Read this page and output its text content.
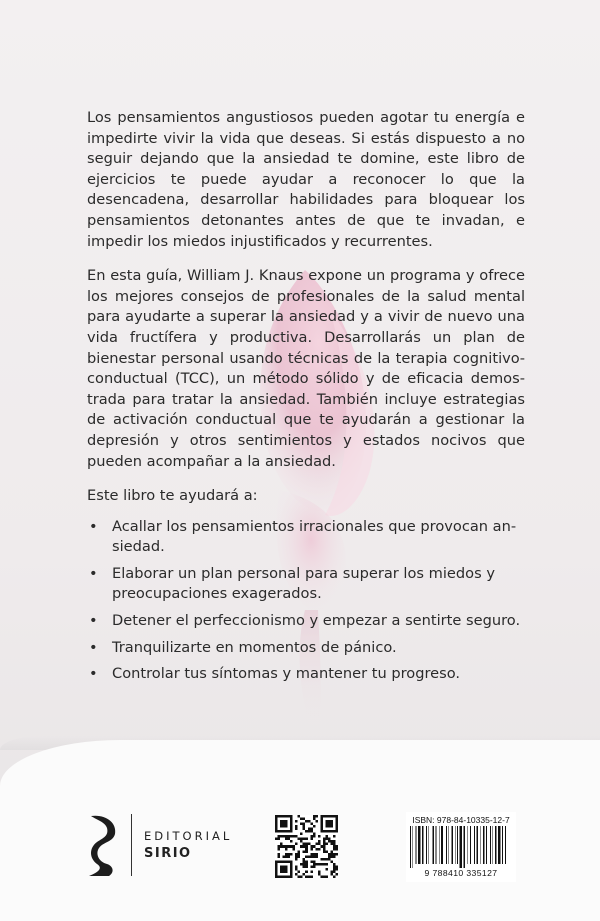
Los pensamientos angustiosos pueden agotar tu energía e impedirte vivir la vida que deseas. Si estás dispuesto a no seguir dejando que la ansiedad te domine, este libro de ejercicios te puede ayudar a reconocer lo que la desencadena, desarrollar habilidades para bloquear los pensamientos detonantes antes de que te invadan, e impedir los miedos injustificados y recurrentes.

En esta guía, William J. Knaus expone un programa y ofrece los mejores consejos de profesionales de la salud mental para ayudarte a superar la ansiedad y a vivir de nuevo una vida fructífera y productiva. Desarrollarás un plan de bienestar personal usando técnicas de la terapia cognitivoconductual (TCC), un método sólido y de eficacia demostrada para tratar la ansiedad. También incluye estrategias de activación conductual que te ayudarán a gestionar la depresión y otros sentimientos y estados nocivos que pueden acompañar a la ansiedad.

Este libro te ayudará a:

• Acallar los pensamientos irracionales que provocan ansiedad.
• Elaborar un plan personal para superar los miedos y preocupaciones exagerados.
• Detener el perfeccionismo y empezar a sentirte seguro.
• Tranquilizarte en momentos de pánico.
• Controlar tus síntomas y mantener tu progreso.
EDITORIAL
SIRIO
ISBN: 978-84-10335-12-7
9 788410 335127
